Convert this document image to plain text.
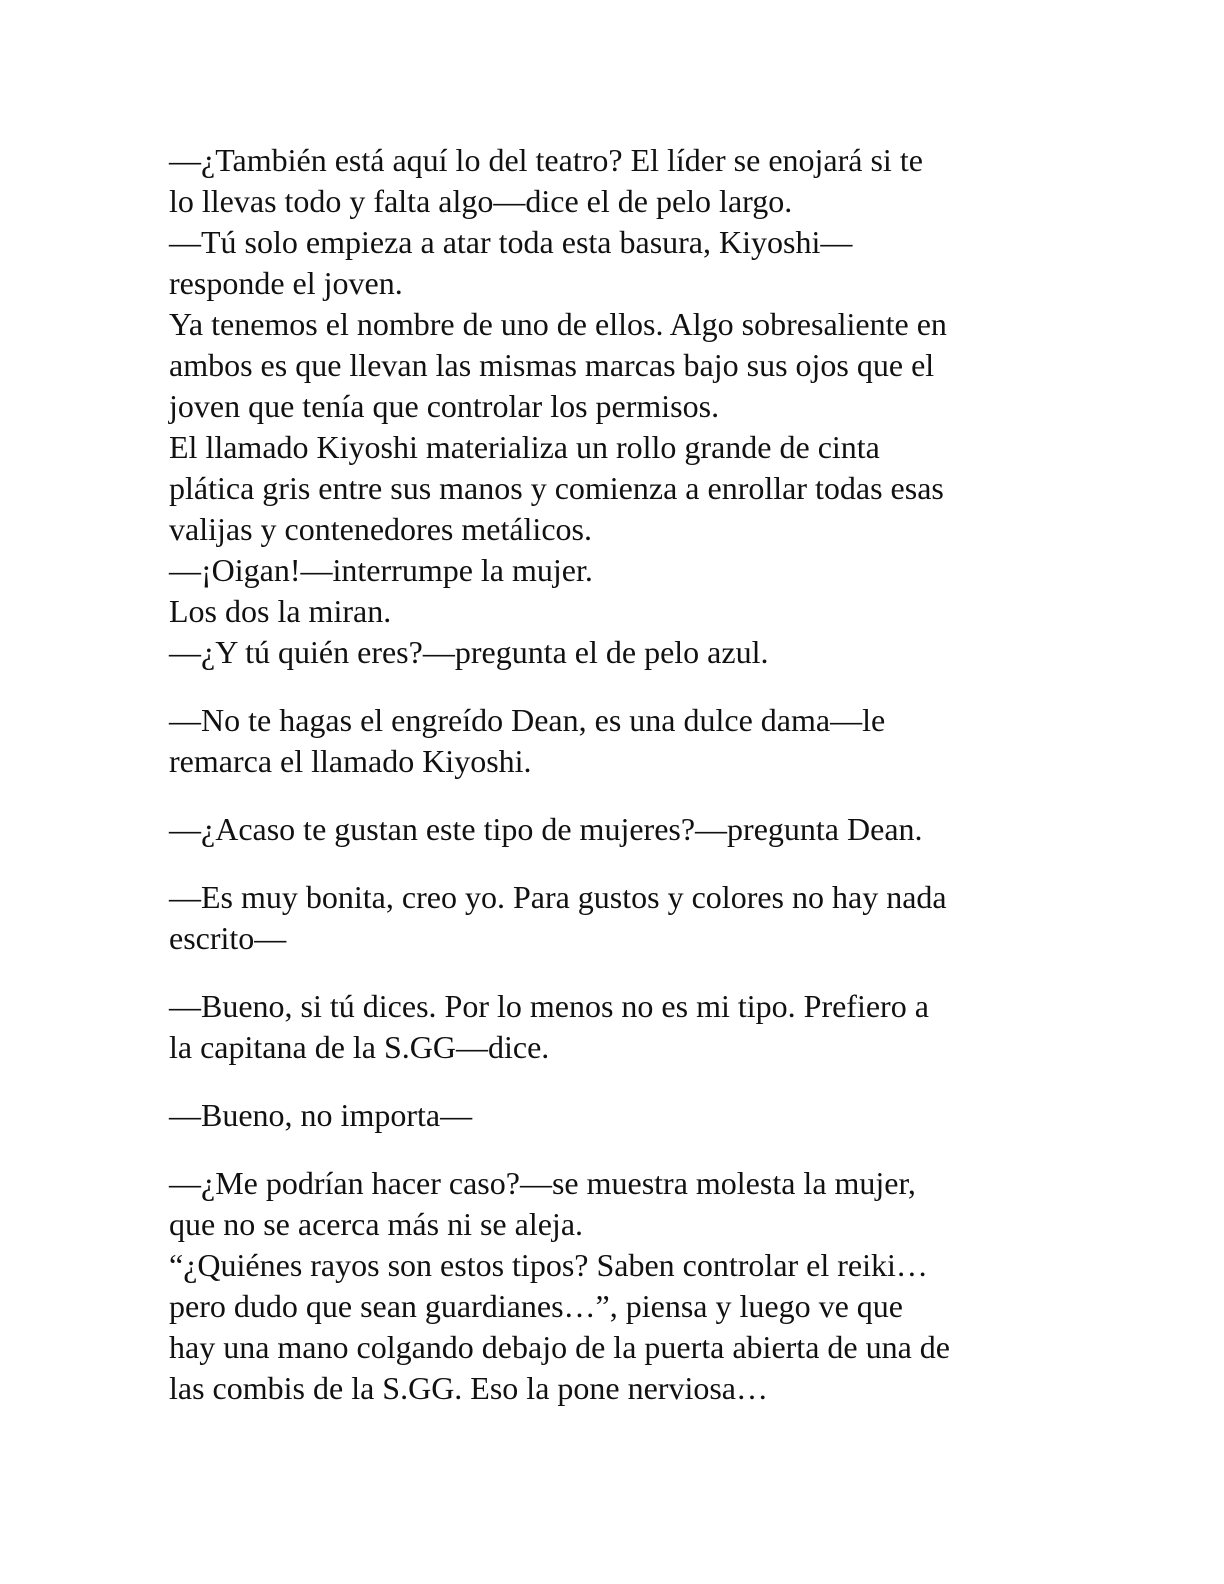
—¿También está aquí lo del teatro? El líder se enojará si te
lo llevas todo y falta algo—dice el de pelo largo.

—Tú solo empieza a atar toda esta basura, Kiyoshi—
responde el joven.

Ya tenemos el nombre de uno de ellos. Algo sobresaliente en
ambos es que llevan las mismas marcas bajo sus ojos que el
joven que tenía que controlar los permisos.

El llamado Kiyoshi materializa un rollo grande de cinta
plática gris entre sus manos y comienza a enrollar todas esas
valijas y contenedores metálicos.

—¡Oigan!—interrumpe la mujer.

Los dos la miran.

—¿Y tú quién eres?—pregunta el de pelo azul.

—No te hagas el engreído Dean, es una dulce dama—le
remarca el llamado Kiyoshi.

—¿Acaso te gustan este tipo de mujeres?—pregunta Dean.

—Es muy bonita, creo yo. Para gustos y colores no hay nada
escrito—

—Bueno, si tú dices. Por lo menos no es mi tipo. Prefiero a
la capitana de la S.GG—dice.

—Bueno, no importa—

—¿Me podrían hacer caso?—se muestra molesta la mujer,
que no se acerca más ni se aleja.

“¿Quiénes rayos son estos tipos? Saben controlar el reiki…
pero dudo que sean guardianes…”, piensa y luego ve que
hay una mano colgando debajo de la puerta abierta de una de
las combis de la S.GG. Eso la pone nerviosa…
